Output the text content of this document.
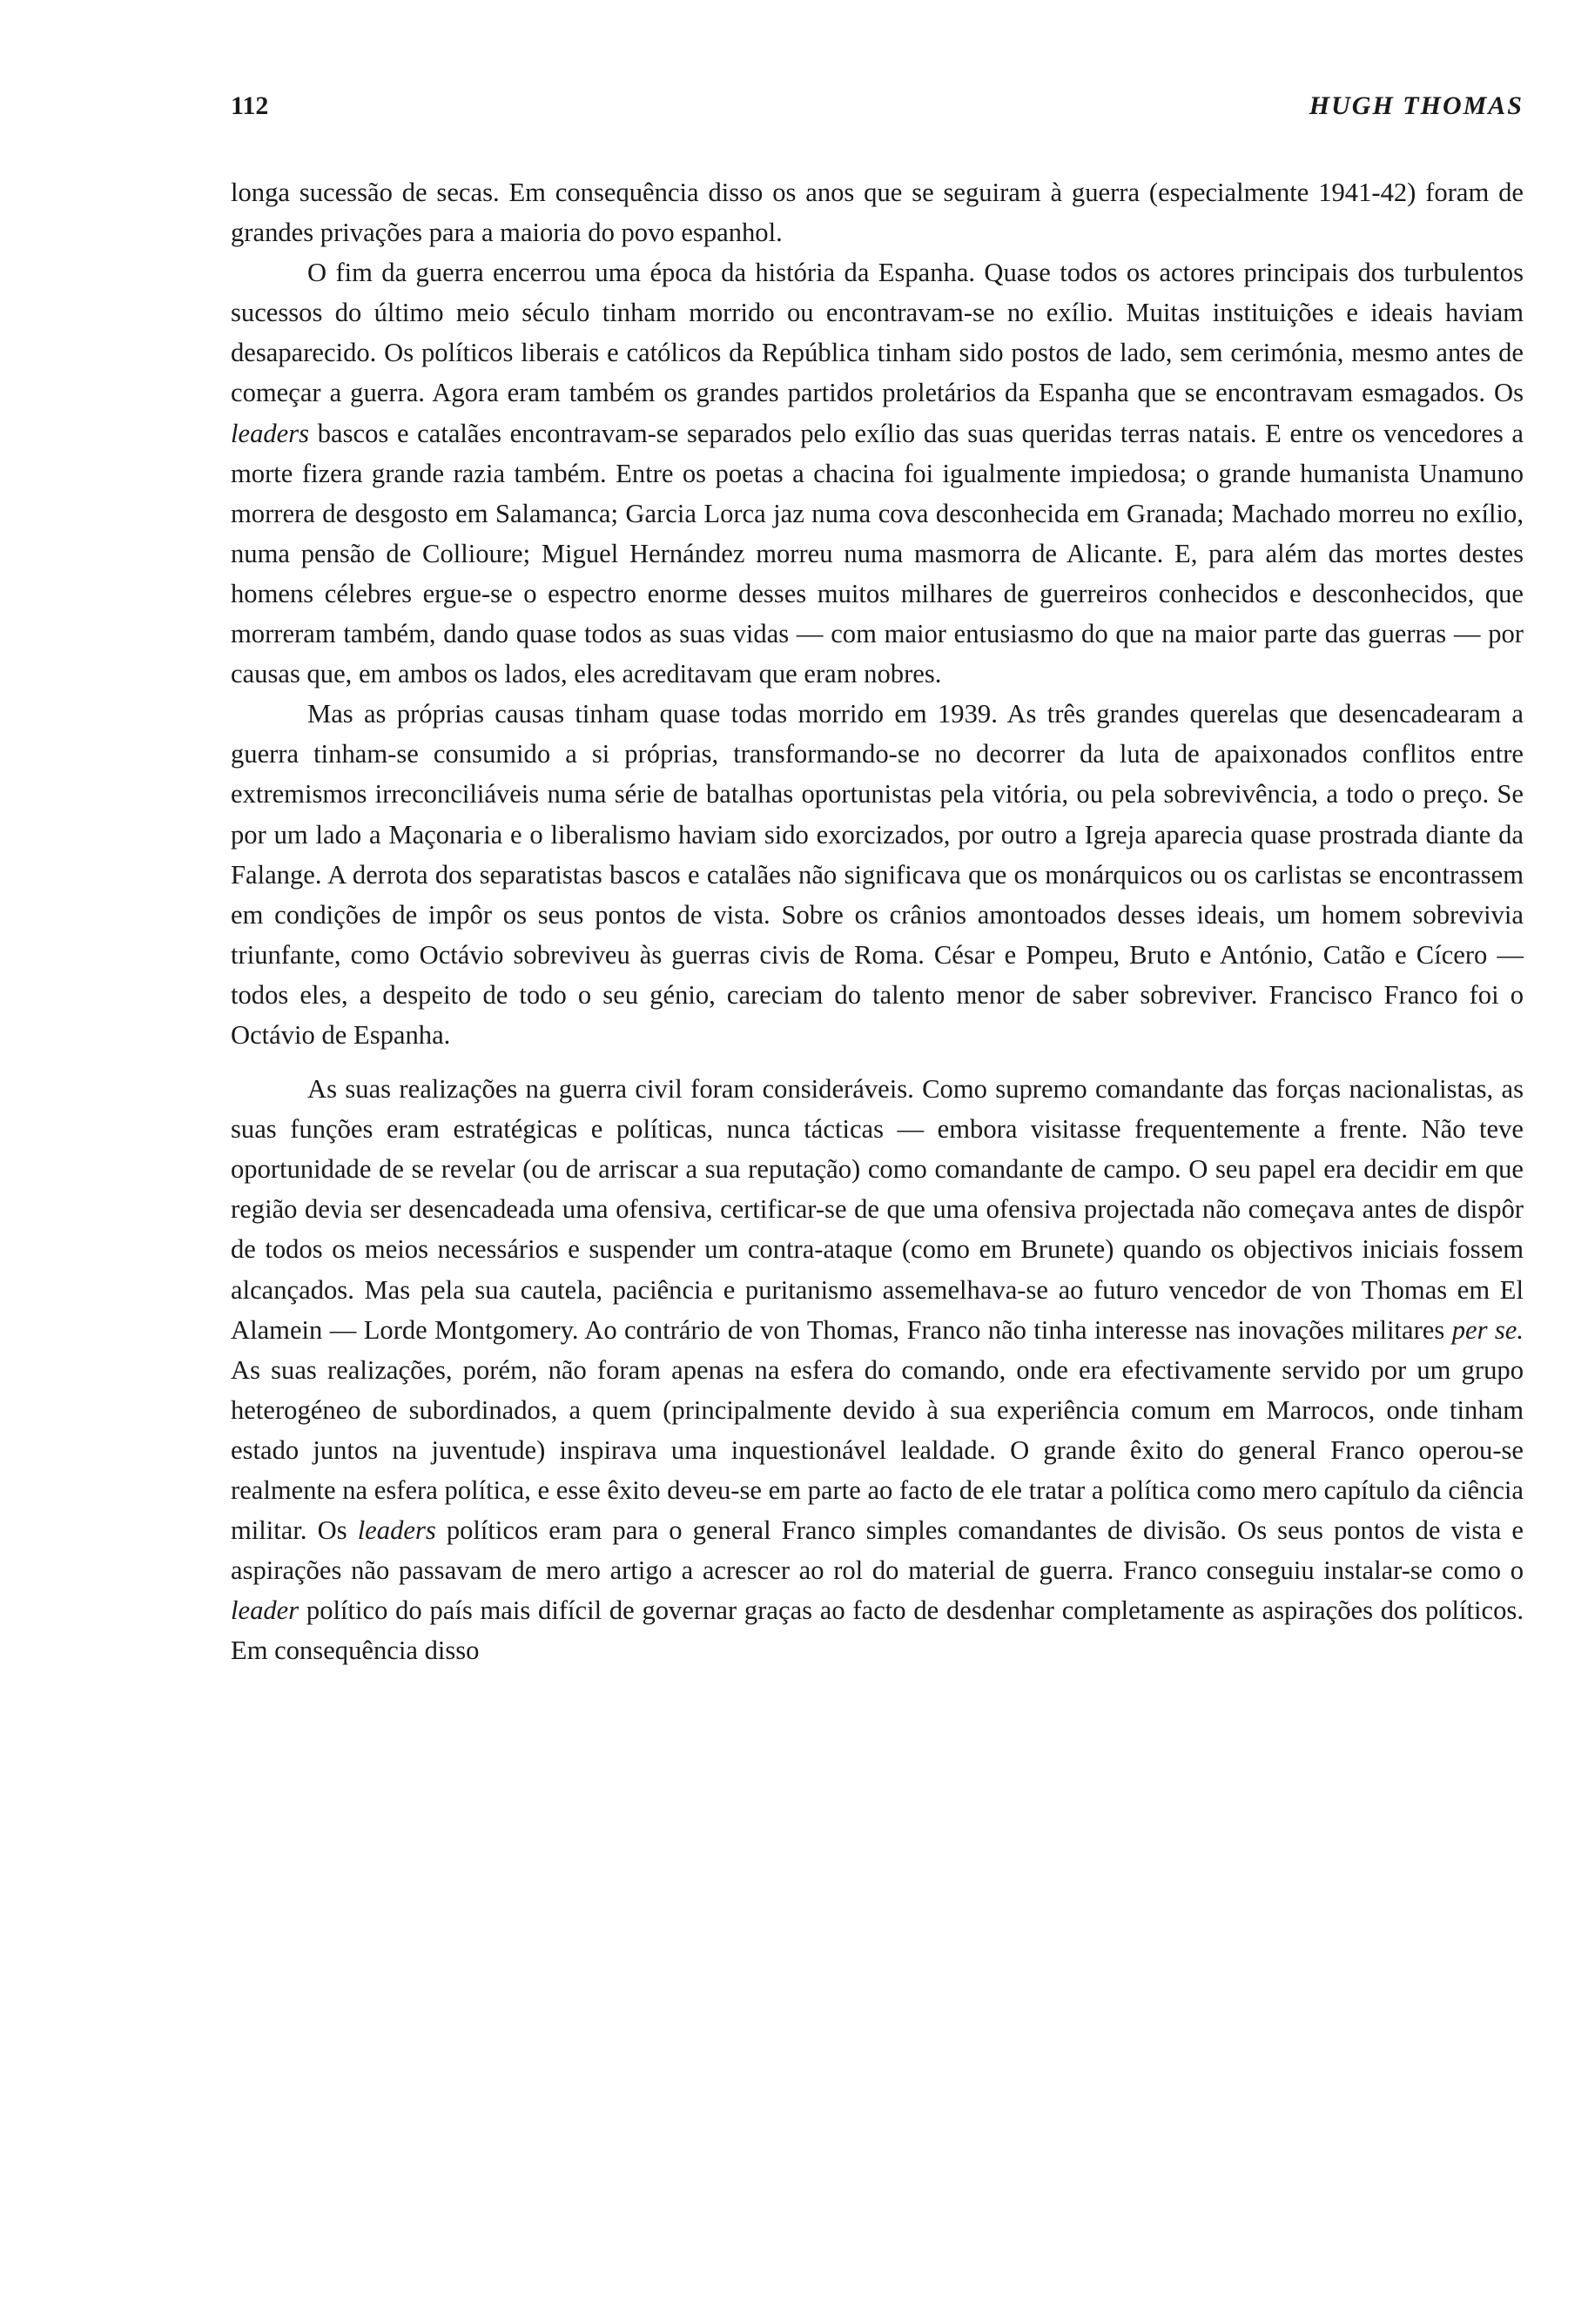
112	HUGH THOMAS

longa sucessão de secas. Em consequência disso os anos que se seguiram à guerra (especialmente 1941-42) foram de grandes privações para a maioria do povo espanhol.

O fim da guerra encerrou uma época da história da Espanha. Quase todos os actores principais dos turbulentos sucessos do último meio século tinham morrido ou encontravam-se no exílio. Muitas instituições e ideais haviam desaparecido. Os políticos liberais e católicos da República tinham sido postos de lado, sem cerimónia, mesmo antes de começar a guerra. Agora eram também os grandes partidos proletários da Espanha que se encontravam esmagados. Os leaders bascos e catalães encontravam-se separados pelo exílio das suas queridas terras natais. E entre os vencedores a morte fizera grande razia também. Entre os poetas a chacina foi igualmente impiedosa; o grande humanista Unamuno morrera de desgosto em Salamanca; Garcia Lorca jaz numa cova desconhecida em Granada; Machado morreu no exílio, numa pensão de Collioure; Miguel Hernández morreu numa masmorra de Alicante. E, para além das mortes destes homens célebres ergue-se o espectro enorme desses muitos milhares de guerreiros conhecidos e desconhecidos, que morreram também, dando quase todos as suas vidas — com maior entusiasmo do que na maior parte das guerras — por causas que, em ambos os lados, eles acreditavam que eram nobres.

Mas as próprias causas tinham quase todas morrido em 1939. As três grandes querelas que desencadearam a guerra tinham-se consumido a si próprias, transformando-se no decorrer da luta de apaixonados conflitos entre extremismos irreconciliáveis numa série de batalhas oportunistas pela vitória, ou pela sobrevivência, a todo o preço. Se por um lado a Maçonaria e o liberalismo haviam sido exorcizados, por outro a Igreja aparecia quase prostrada diante da Falange. A derrota dos separatistas bascos e catalães não significava que os monárquicos ou os carlistas se encontrassem em condições de impôr os seus pontos de vista. Sobre os crânios amontoados desses ideais, um homem sobrevivia triunfante, como Octávio sobreviveu às guerras civis de Roma. César e Pompeu, Bruto e António, Catão e Cícero — todos eles, a despeito de todo o seu génio, careciam do talento menor de saber sobreviver. Francisco Franco foi o Octávio de Espanha.

As suas realizações na guerra civil foram consideráveis. Como supremo comandante das forças nacionalistas, as suas funções eram estratégicas e políticas, nunca tácticas — embora visitasse frequentemente a frente. Não teve oportunidade de se revelar (ou de arriscar a sua reputação) como comandante de campo. O seu papel era decidir em que região devia ser desencadeada uma ofensiva, certificar-se de que uma ofensiva projectada não começava antes de dispôr de todos os meios necessários e suspender um contra-ataque (como em Brunete) quando os objectivos iniciais fossem alcançados. Mas pela sua cautela, paciência e puritanismo assemelhava-se ao futuro vencedor de von Thomas em El Alamein — Lorde Montgomery. Ao contrário de von Thomas, Franco não tinha interesse nas inovações militares per se. As suas realizações, porém, não foram apenas na esfera do comando, onde era efectivamente servido por um grupo heterogéneo de subordinados, a quem (principalmente devido à sua experiência comum em Marrocos, onde tinham estado juntos na juventude) inspirava uma inquestionável lealdade. O grande êxito do general Franco operou-se realmente na esfera política, e esse êxito deveu-se em parte ao facto de ele tratar a política como mero capítulo da ciência militar. Os leaders políticos eram para o general Franco simples comandantes de divisão. Os seus pontos de vista e aspirações não passavam de mero artigo a acrescer ao rol do material de guerra. Franco conseguiu instalar-se como o leader político do país mais difícil de governar graças ao facto de desdenhar completamente as aspirações dos políticos. Em consequência disso
